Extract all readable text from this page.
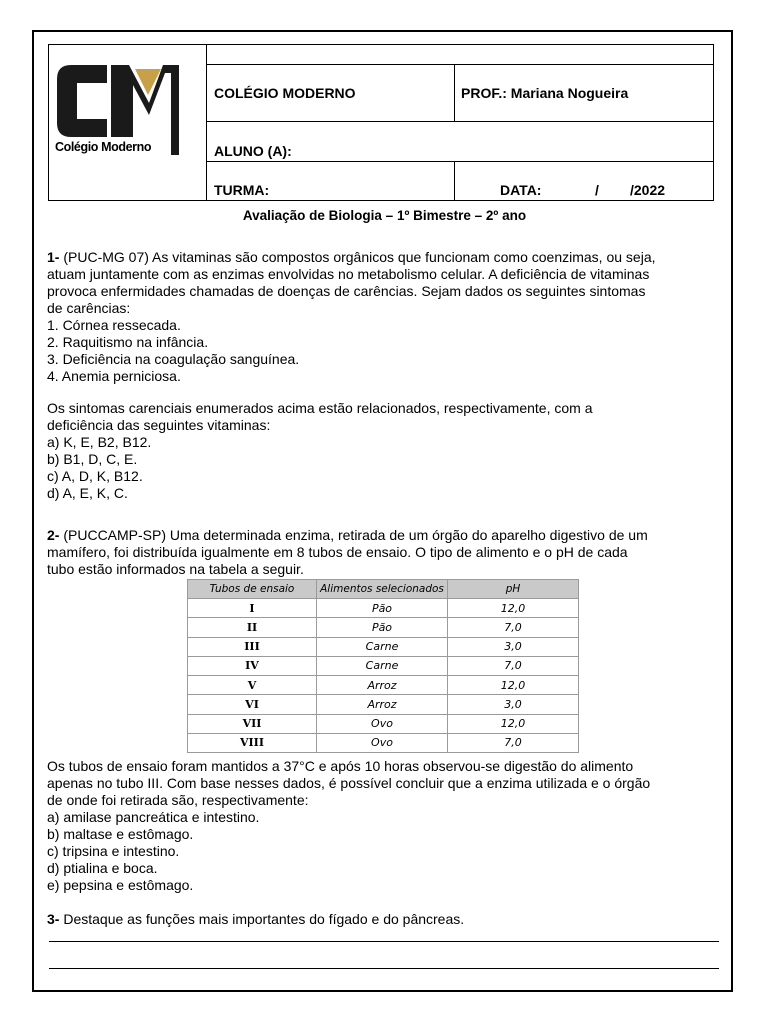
Colégio Moderno
COLÉGIO MODERNO	PROF.: Mariana Nogueira
ALUNO (A):
TURMA:	DATA:	/ /2022
Avaliação de Biologia – 1º Bimestre – 2º ano
1- (PUC-MG 07) As vitaminas são compostos orgânicos que funcionam como coenzimas, ou seja,
atuam juntamente com as enzimas envolvidas no metabolismo celular. A deficiência de vitaminas
provoca enfermidades chamadas de doenças de carências. Sejam dados os seguintes sintomas
de carências:
1. Córnea ressecada.
2. Raquitismo na infância.
3. Deficiência na coagulação sanguínea.
4. Anemia perniciosa.
Os sintomas carenciais enumerados acima estão relacionados, respectivamente, com a
deficiência das seguintes vitaminas:
a) K, E, B2, B12.
b) B1, D, C, E.
c) A, D, K, B12.
d) A, E, K, C.
2- (PUCCAMP-SP) Uma determinada enzima, retirada de um órgão do aparelho digestivo de um
mamífero, foi distribuída igualmente em 8 tubos de ensaio. O tipo de alimento e o pH de cada
tubo estão informados na tabela a seguir.
Tubos de ensaio	Alimentos selecionados	pH
I	Pão	12,0
II	Pão	7,0
III	Carne	3,0
IV	Carne	7,0
V	Arroz	12,0
VI	Arroz	3,0
VII	Ovo	12,0
VIII	Ovo	7,0
Os tubos de ensaio foram mantidos a 37°C e após 10 horas observou-se digestão do alimento
apenas no tubo III. Com base nesses dados, é possível concluir que a enzima utilizada e o órgão
de onde foi retirada são, respectivamente:
a) amilase pancreática e intestino.
b) maltase e estômago.
c) tripsina e intestino.
d) ptialina e boca.
e) pepsina e estômago.
3- Destaque as funções mais importantes do fígado e do pâncreas.
